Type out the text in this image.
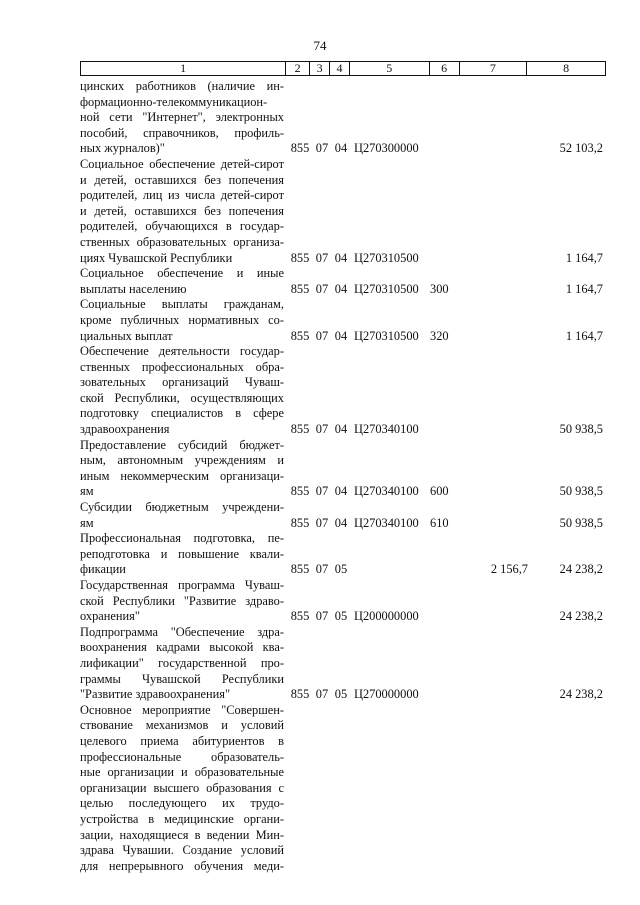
74
1	2	3	4	5	6	7	8
цинских работников (наличие ин-
формационно-телекоммуникацион-
ной сети "Интернет", электронных
пособий, справочников, профиль-
ных журналов)"	855 07 04 Ц270300000	52 103,2
Социальное обеспечение детей-сирот
и детей, оставшихся без попечения
родителей, лиц из числа детей-сирот
и детей, оставшихся без попечения
родителей, обучающихся в государ-
ственных образовательных организа-
циях Чувашской Республики	855 07 04 Ц270310500	1 164,7
Социальное обеспечение и иные
выплаты населению	855 07 04 Ц270310500 300	1 164,7
Социальные выплаты гражданам,
кроме публичных нормативных со-
циальных выплат	855 07 04 Ц270310500 320	1 164,7
Обеспечение деятельности государ-
ственных профессиональных обра-
зовательных организаций Чуваш-
ской Республики, осуществляющих
подготовку специалистов в сфере
здравоохранения	855 07 04 Ц270340100	50 938,5
Предоставление субсидий бюджет-
ным, автономным учреждениям и
иным некоммерческим организаци-
ям	855 07 04 Ц270340100 600	50 938,5
Субсидии бюджетным учреждени-
ям	855 07 04 Ц270340100 610	50 938,5
Профессиональная подготовка, пе-
реподготовка и повышение квали-
фикации	855 07 05	2 156,7	24 238,2
Государственная программа Чуваш-
ской Республики "Развитие здраво-
охранения"	855 07 05 Ц200000000	24 238,2
Подпрограмма "Обеспечение здра-
воохранения кадрами высокой ква-
лификации" государственной про-
граммы Чувашской Республики
"Развитие здравоохранения"	855 07 05 Ц270000000	24 238,2
Основное мероприятие "Совершен-
ствование механизмов и условий
целевого приема абитуриентов в
профессиональные образователь-
ные организации и образовательные
организации высшего образования с
целью последующего их трудо-
устройства в медицинские органи-
зации, находящиеся в ведении Мин-
здрава Чувашии. Создание условий
для непрерывного обучения меди-
